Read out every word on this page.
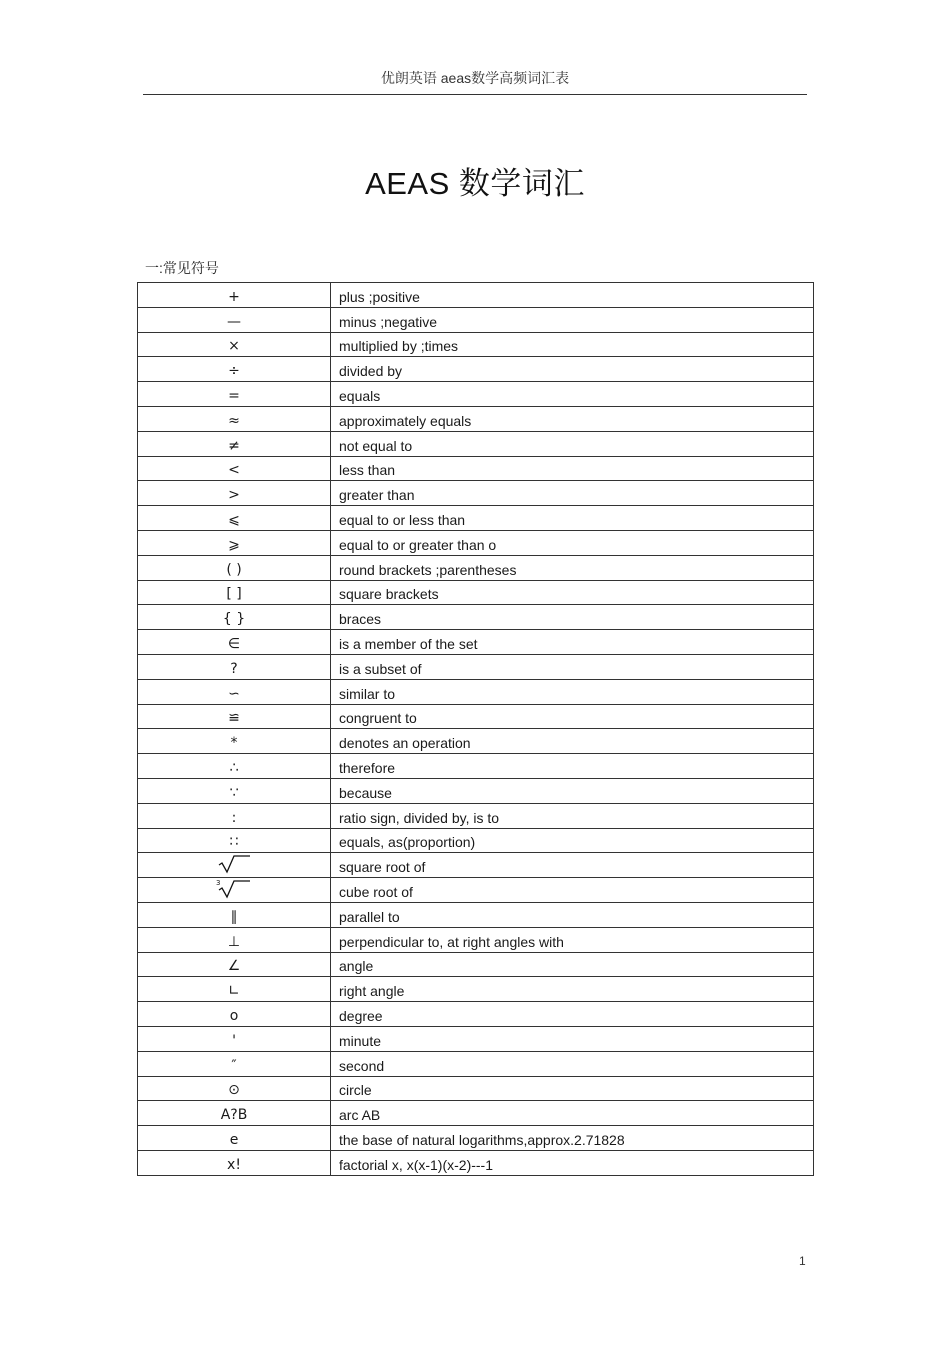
优朗英语 aeas数学高频词汇表
AEAS 数学词汇
一:常见符号
+	plus ;positive
—	minus ;negative
×	multiplied by ;times
÷	divided by
=	equals
≈	approximately equals
≠	not equal to
<	less than
>	greater than
⩽	equal to or less than
⩾	equal to or greater than o
( )	round brackets ;parentheses
[ ]	square brackets
{ }	braces
∈	is a member of the set
?	is a subset of
∽	similar to
≌	congruent to
*	denotes an operation
∴	therefore
∵	because
:	ratio sign, divided by, is to
∷	equals, as(proportion)

	square root of

3	cube root of
∥	parallel to
⊥	perpendicular to, at right angles with
∠	angle
∟	right angle
o	degree
'	minute
″	second
⊙	circle
A?B	arc AB
e	the base of natural logarithms,approx.2.71828
x!	factorial x, x(x-1)(x-2)---1
1
